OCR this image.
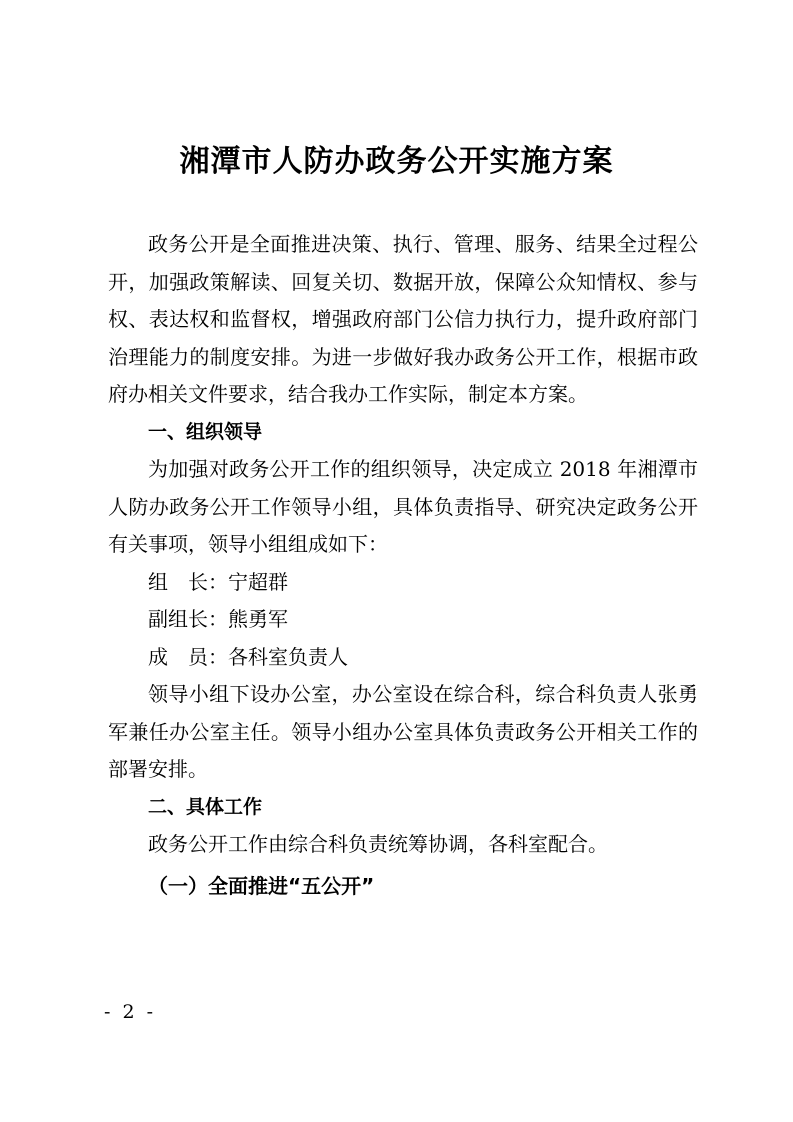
湘潭市人防办政务公开实施方案

政务公开是全面推进决策、执行、管理、服务、结果全过程公开，加强政策解读、回复关切、数据开放，保障公众知情权、参与权、表达权和监督权，增强政府部门公信力执行力，提升政府部门治理能力的制度安排。为进一步做好我办政务公开工作，根据市政府办相关文件要求，结合我办工作实际，制定本方案。

一、组织领导

为加强对政务公开工作的组织领导，决定成立 2018 年湘潭市人防办政务公开工作领导小组，具体负责指导、研究决定政务公开有关事项，领导小组组成如下：

组　长：宁超群

副组长：熊勇军

成　员：各科室负责人

领导小组下设办公室，办公室设在综合科，综合科负责人张勇军兼任办公室主任。领导小组办公室具体负责政务公开相关工作的部署安排。

二、具体工作

政务公开工作由综合科负责统筹协调，各科室配合。

（一）全面推进“五公开”

- 2 -
